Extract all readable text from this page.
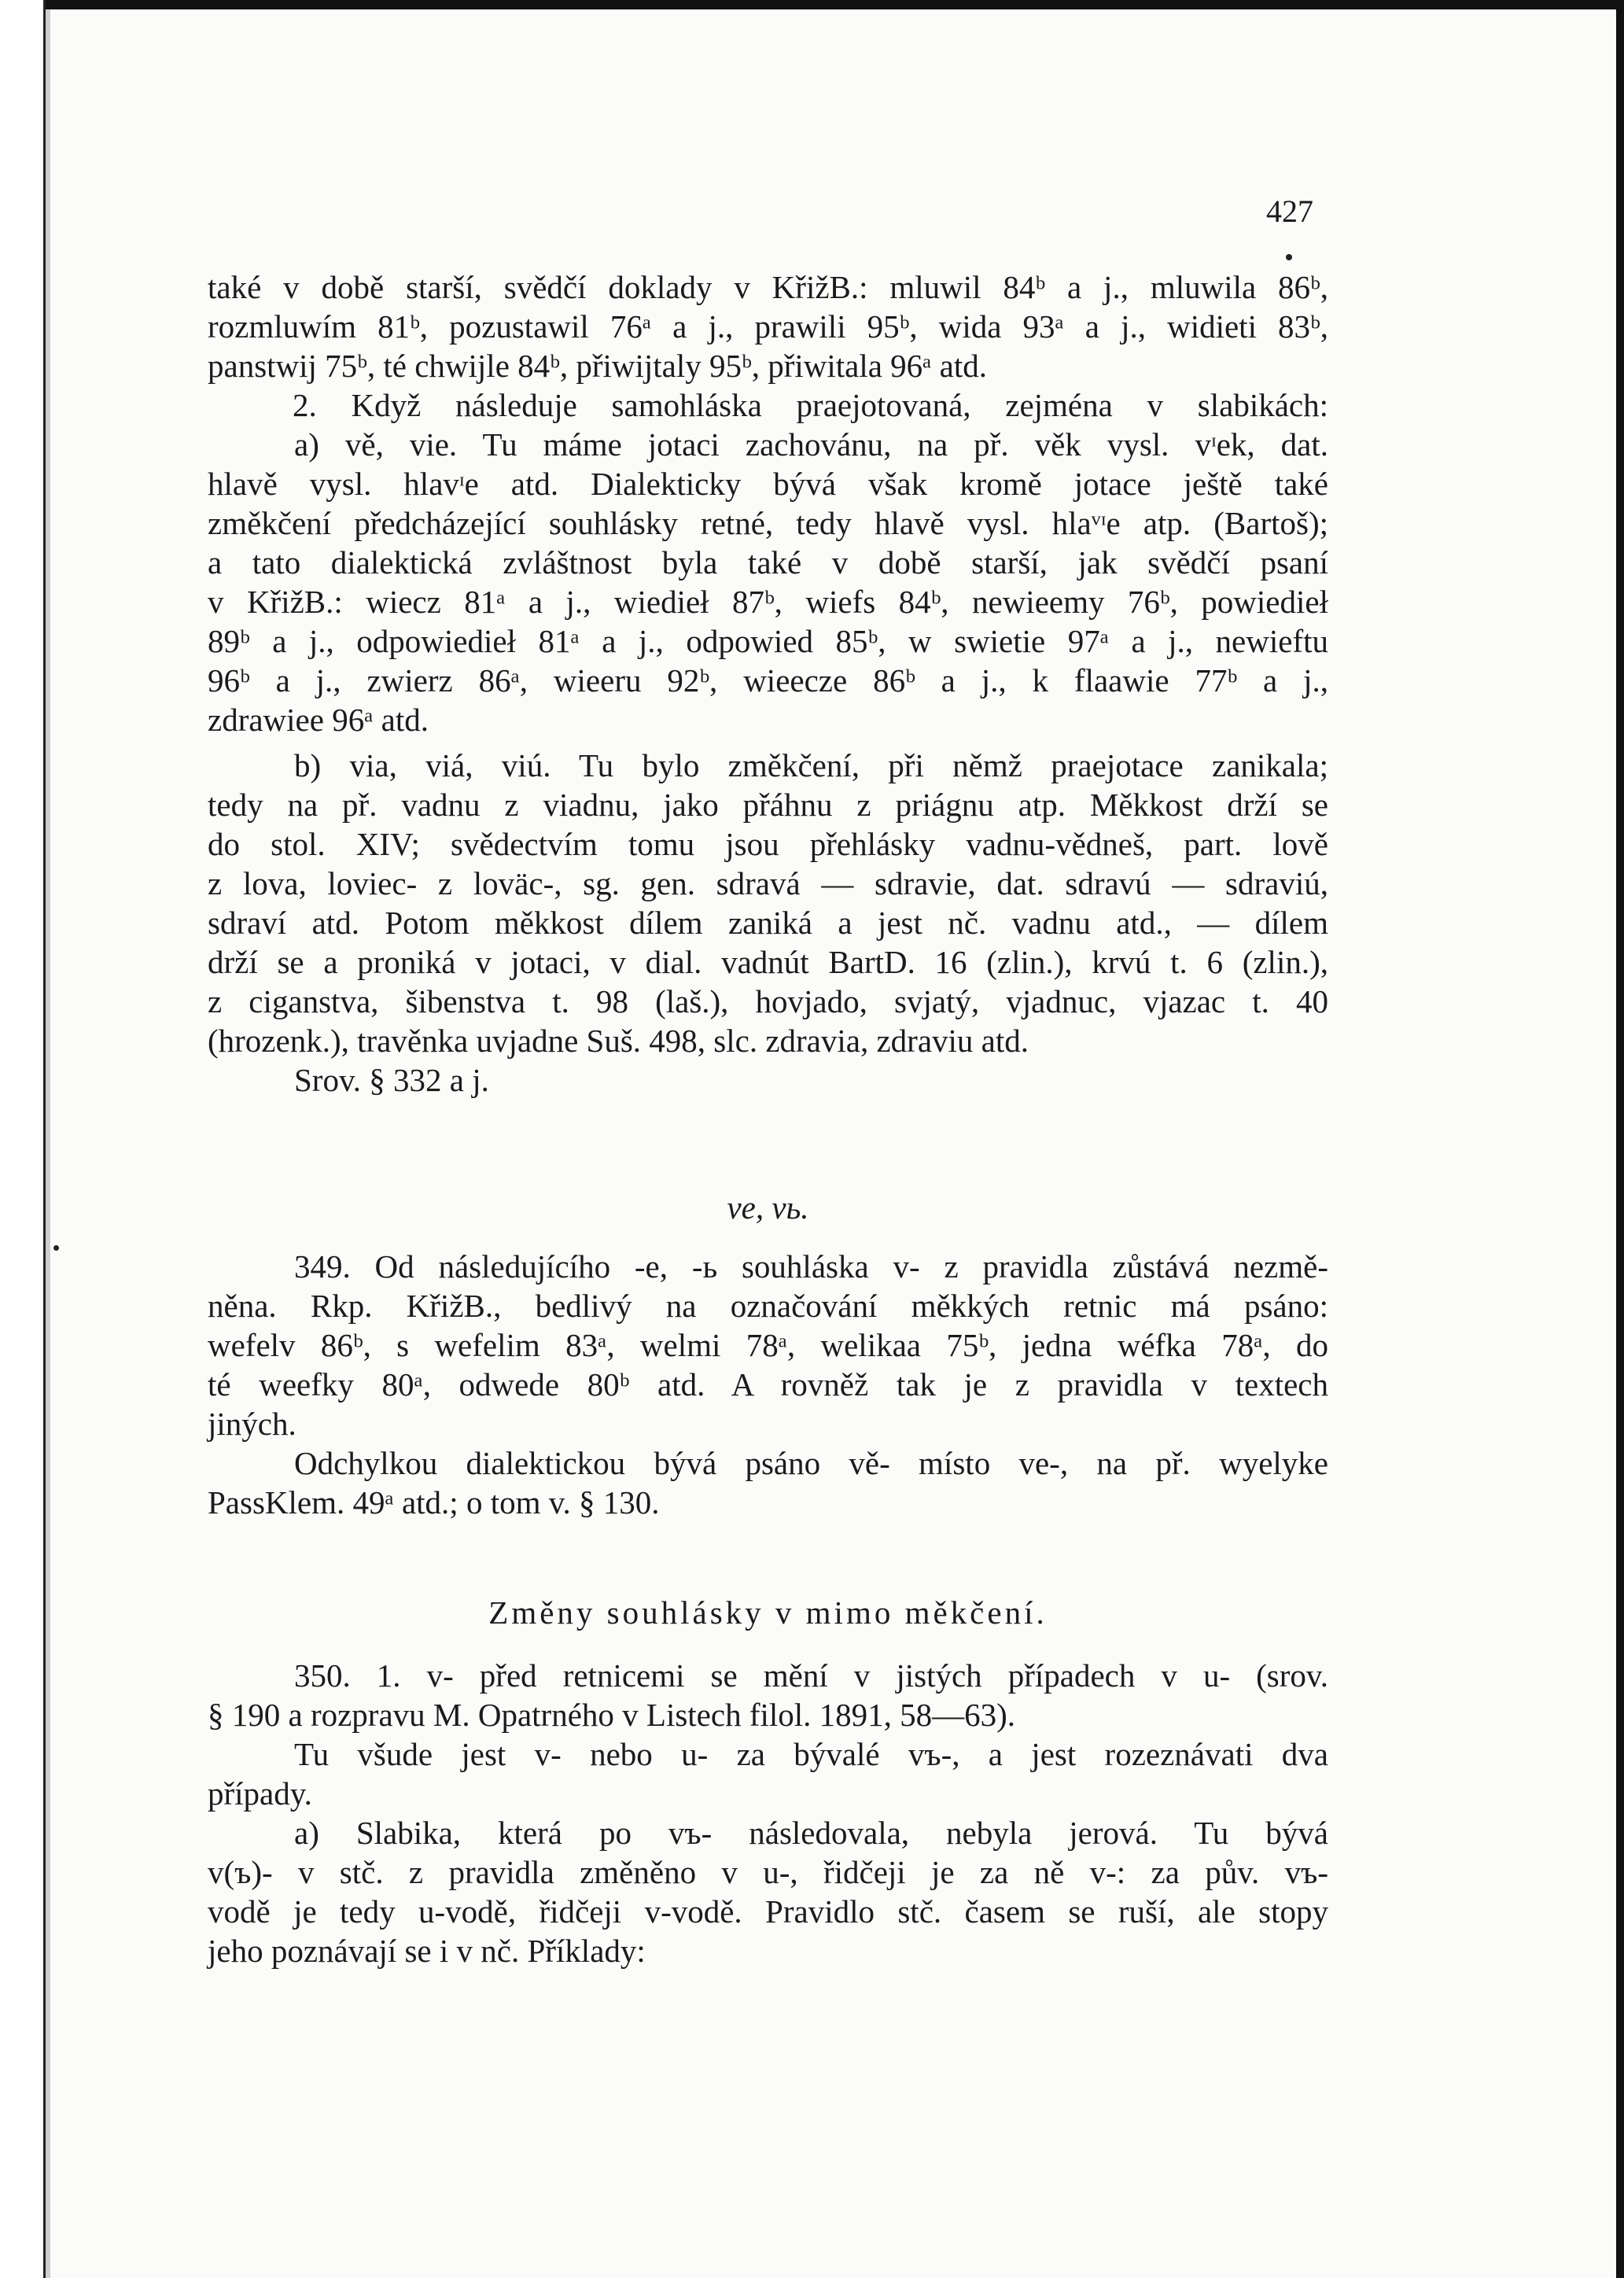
427
také v době starší, svědčí doklady v KřižB.: mluwil 84ᵇ a j., mluwila 86ᵇ,
rozmluwím 81ᵇ, pozustawil 76ᵃ a j., prawili 95ᵇ, wida 93ᵃ a j., widieti 83ᵇ,
panstwij 75ᵇ, té chwijle 84ᵇ, přiwijtaly 95ᵇ, přiwitala 96ᵃ atd.
2. Když následuje samohláska praejotovaná, zejména v slabikách:
a) vě, vie. Tu máme jotaci zachovánu, na př. věk vysl. vᶦek, dat.
hlavě vysl. hlavᶦe atd. Dialekticky bývá však kromě jotace ještě také
změkčení předcházející souhlásky retné, tedy hlavě vysl. hlaᵛᶦe atp. (Bartoš);
a tato dialektická zvláštnost byla také v době starší, jak svědčí psaní
v KřižB.: wiecz 81ᵃ a j., wiedieł 87ᵇ, wiefs 84ᵇ, newieemy 76ᵇ, powiedieł
89ᵇ a j., odpowiedieł 81ᵃ a j., odpowied 85ᵇ, w swietie 97ᵃ a j., newieftu
96ᵇ a j., zwierz 86ᵃ, wieeru 92ᵇ, wieecze 86ᵇ a j., k flaawie 77ᵇ a j.,
zdrawiee 96ᵃ atd.
b) via, viá, viú. Tu bylo změkčení, při němž praejotace zanikala;
tedy na př. vadnu z viadnu, jako přáhnu z priágnu atp. Měkkost drží se
do stol. XIV; svědectvím tomu jsou přehlásky vadnu-vědneš, part. lově
z lova, loviec- z loväc-, sg. gen. sdravá — sdravie, dat. sdravú — sdraviú,
sdraví atd. Potom měkkost dílem zaniká a jest nč. vadnu atd., — dílem
drží se a proniká v jotaci, v dial. vadnút BartD. 16 (zlin.), krvú t. 6 (zlin.),
z ciganstva, šibenstva t. 98 (laš.), hovjado, svjatý, vjadnuc, vjazac t. 40
(hrozenk.), travěnka uvjadne Suš. 498, slc. zdravia, zdraviu atd.
Srov. § 332 a j.
ve, vь.
349. Od následujícího -e, -ь souhláska v- z pravidla zůstává nezmě-
něna. Rkp. KřižB., bedlivý na označování měkkých retnic má psáno:
wefelv 86ᵇ, s wefelim 83ᵃ, welmi 78ᵃ, welikaa 75ᵇ, jedna wéfka 78ᵃ, do
té weefky 80ᵃ, odwede 80ᵇ atd. A rovněž tak je z pravidla v textech
jiných.
Odchylkou dialektickou bývá psáno vě- místo ve-, na př. wyelyke
PassKlem. 49ᵃ atd.; o tom v. § 130.
Změny souhlásky v mimo měkčení.
350. 1. v- před retnicemi se mění v jistých případech v u- (srov.
§ 190 a rozpravu M. Opatrného v Listech filol. 1891, 58—63).
Tu všude jest v- nebo u- za bývalé vъ-, a jest rozeznávati dva
případy.
a) Slabika, která po vъ- následovala, nebyla jerová. Tu bývá
v(ъ)- v stč. z pravidla změněno v u-, řidčeji je za ně v-: za pův. vъ-
vodě je tedy u-vodě, řidčeji v-vodě. Pravidlo stč. časem se ruší, ale stopy
jeho poznávají se i v nč. Příklady:
